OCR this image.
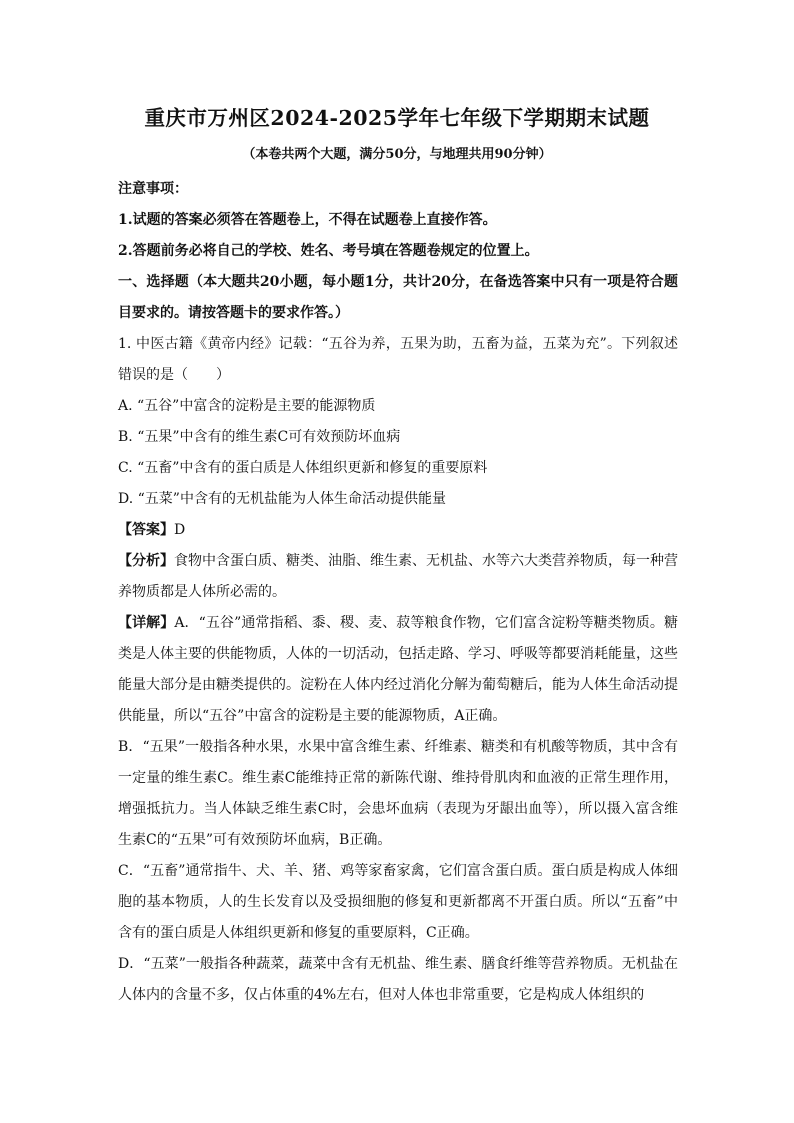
重庆市万州区2024-2025学年七年级下学期期末试题
（本卷共两个大题，满分50分，与地理共用90分钟）

注意事项：

1.试题的答案必须答在答题卷上，不得在试题卷上直接作答。

2.答题前务必将自己的学校、姓名、考号填在答题卷规定的位置上。

一、选择题（本大题共20小题，每小题1分，共计20分，在备选答案中只有一项是符合题目要求的。请按答题卡的要求作答。）

1. 中医古籍《黄帝内经》记载：“五谷为养，五果为助，五畜为益，五菜为充”。下列叙述错误的是（　　）

A. “五谷”中富含的淀粉是主要的能源物质

B. “五果”中含有的维生素C可有效预防坏血病

C. “五畜”中含有的蛋白质是人体组织更新和修复的重要原料

D. “五菜”中含有的无机盐能为人体生命活动提供能量

【答案】D

【分析】食物中含蛋白质、糖类、油脂、维生素、无机盐、水等六大类营养物质，每一种营养物质都是人体所必需的。

【详解】A．“五谷”通常指稻、黍、稷、麦、菽等粮食作物，它们富含淀粉等糖类物质。糖类是人体主要的供能物质，人体的一切活动，包括走路、学习、呼吸等都要消耗能量，这些能量大部分是由糖类提供的。淀粉在人体内经过消化分解为葡萄糖后，能为人体生命活动提供能量，所以“五谷”中富含的淀粉是主要的能源物质，A正确。

B．“五果”一般指各种水果，水果中富含维生素、纤维素、糖类和有机酸等物质，其中含有一定量的维生素C。维生素C能维持正常的新陈代谢、维持骨肌肉和血液的正常生理作用，增强抵抗力。当人体缺乏维生素C时，会患坏血病（表现为牙龈出血等），所以摄入富含维生素C的“五果”可有效预防坏血病，B正确。

C．“五畜”通常指牛、犬、羊、猪、鸡等家畜家禽，它们富含蛋白质。蛋白质是构成人体细胞的基本物质，人的生长发育以及受损细胞的修复和更新都离不开蛋白质。所以“五畜”中含有的蛋白质是人体组织更新和修复的重要原料，C正确。

D．“五菜”一般指各种蔬菜，蔬菜中含有无机盐、维生素、膳食纤维等营养物质。无机盐在人体内的含量不多，仅占体重的4%左右，但对人体也非常重要，它是构成人体组织的
